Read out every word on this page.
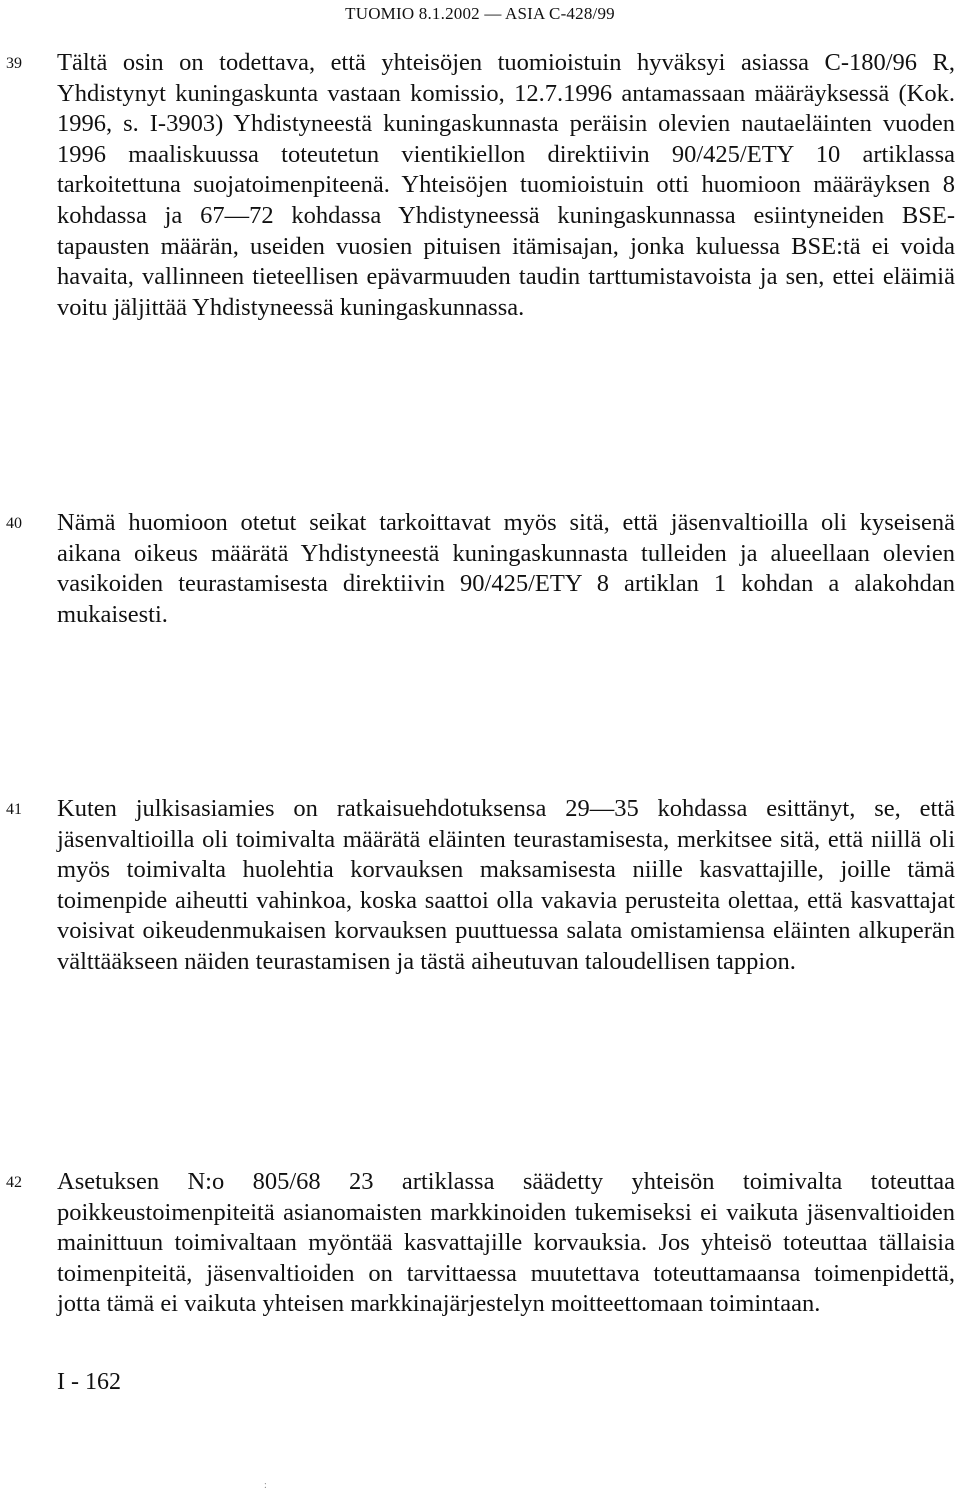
TUOMIO 8.1.2002 — ASIA C-428/99
39	Tältä osin on todettava, että yhteisöjen tuomioistuin hyväksyi asiassa C-180/96 R, Yhdistynyt kuningaskunta vastaan komissio, 12.7.1996 antamassaan määräyksessä (Kok. 1996, s. I-3903) Yhdistyneestä kuningaskunnasta peräisin olevien nautaeläinten vuoden 1996 maaliskuussa toteutetun vientikiellon direktiivin 90/425/ETY 10 artiklassa tarkoitettuna suojatoimenpiteenä. Yhteisöjen tuomioistuin otti huomioon määräyksen 8 kohdassa ja 67—72 kohdassa Yhdistyneessä kuningaskunnassa esiintyneiden BSE-tapausten määrän, useiden vuosien pituisen itämisajan, jonka kuluessa BSE:tä ei voida havaita, vallinneen tieteellisen epävarmuuden taudin tarttumistavoista ja sen, ettei eläimiä voitu jäljittää Yhdistyneessä kuningaskunnassa.
40	Nämä huomioon otetut seikat tarkoittavat myös sitä, että jäsenvaltioilla oli kyseisenä aikana oikeus määrätä Yhdistyneestä kuningaskunnasta tulleiden ja alueellaan olevien vasikoiden teurastamisesta direktiivin 90/425/ETY 8 artiklan 1 kohdan a alakohdan mukaisesti.
41	Kuten julkisasiamies on ratkaisuehdotuksensa 29—35 kohdassa esittänyt, se, että jäsenvaltioilla oli toimivalta määrätä eläinten teurastamisesta, merkitsee sitä, että niillä oli myös toimivalta huolehtia korvauksen maksamisesta niille kasvattajille, joille tämä toimenpide aiheutti vahinkoa, koska saattoi olla vakavia perusteita olettaa, että kasvattajat voisivat oikeudenmukaisen korvauksen puuttuessa salata omistamiensa eläinten alkuperän välttääkseen näiden teurastamisen ja tästä aiheutuvan taloudellisen tappion.
42	Asetuksen N:o 805/68 23 artiklassa säädetty yhteisön toimivalta toteuttaa poikkeustoimenpiteitä asianomaisten markkinoiden tukemiseksi ei vaikuta jäsenvaltioiden mainittuun toimivaltaan myöntää kasvattajille korvauksia. Jos yhteisö toteuttaa tällaisia toimenpiteitä, jäsenvaltioiden on tarvittaessa muutettava toteuttamaansa toimenpidettä, jotta tämä ei vaikuta yhteisen markkinajärjestelyn moitteettomaan toimintaan.
I - 162
:
